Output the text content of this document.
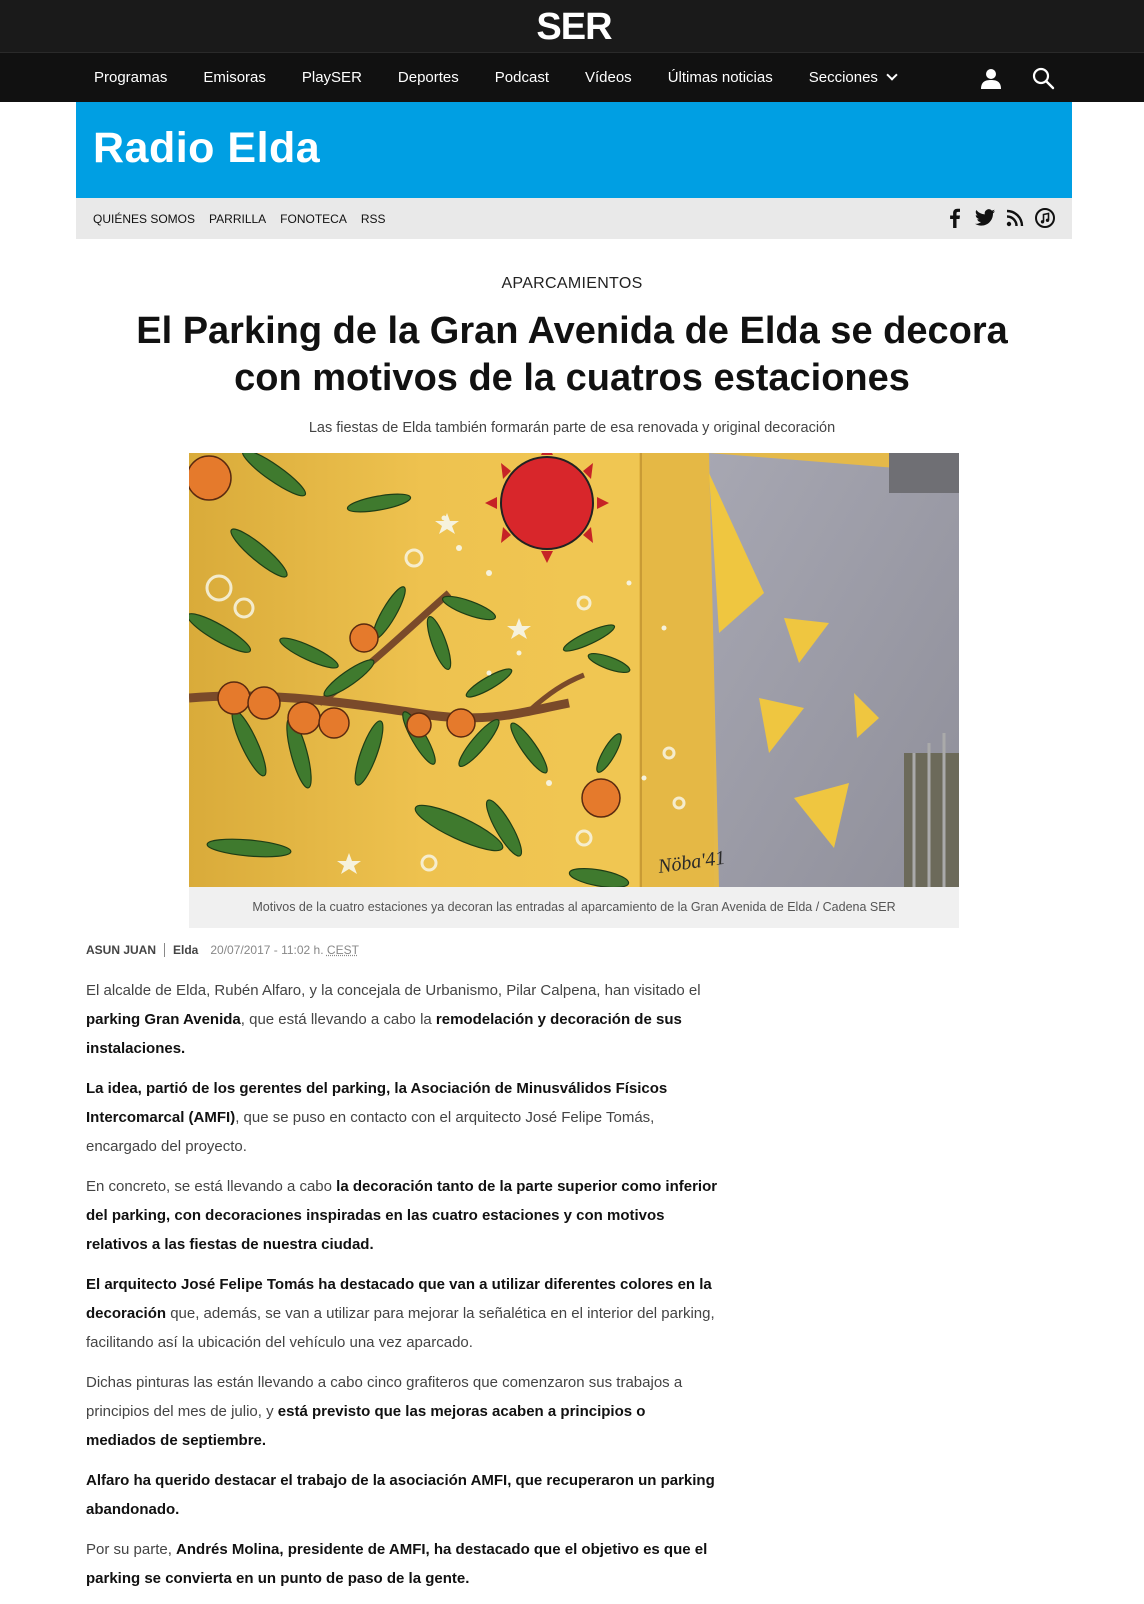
SER
Programas	Emisoras	PlaySER	Deportes	Podcast	Vídeos	Últimas noticias	Secciones
Radio Elda
QUIÉNES SOMOS PARRILLA FONOTECA RSS
APARCAMIENTOS
El Parking de la Gran Avenida de Elda se decora con motivos de la cuatros estaciones
Las fiestas de Elda también formarán parte de esa renovada y original decoración
Nöba'41
Motivos de la cuatro estaciones ya decoran las entradas al aparcamiento de la Gran Avenida de Elda / Cadena SER
ASUN JUAN Elda 20/07/2017 - 11:02 h. CEST

El alcalde de Elda, Rubén Alfaro, y la concejala de Urbanismo, Pilar Calpena, han visitado el parking Gran Avenida, que está llevando a cabo la remodelación y decoración de sus instalaciones.

La idea, partió de los gerentes del parking, la Asociación de Minusválidos Físicos Intercomarcal (AMFI), que se puso en contacto con el arquitecto José Felipe Tomás, encargado del proyecto.

En concreto, se está llevando a cabo la decoración tanto de la parte superior como inferior del parking, con decoraciones inspiradas en las cuatro estaciones y con motivos relativos a las fiestas de nuestra ciudad.

El arquitecto José Felipe Tomás ha destacado que van a utilizar diferentes colores en la decoración que, además, se van a utilizar para mejorar la señalética en el interior del parking, facilitando así la ubicación del vehículo una vez aparcado.

Dichas pinturas las están llevando a cabo cinco grafiteros que comenzaron sus trabajos a principios del mes de julio, y está previsto que las mejoras acaben a principios o mediados de septiembre.

Alfaro ha querido destacar el trabajo de la asociación AMFI, que recuperaron un parking abandonado.

Por su parte, Andrés Molina, presidente de AMFI, ha destacado que el objetivo es que el parking se convierta en un punto de paso de la gente.
